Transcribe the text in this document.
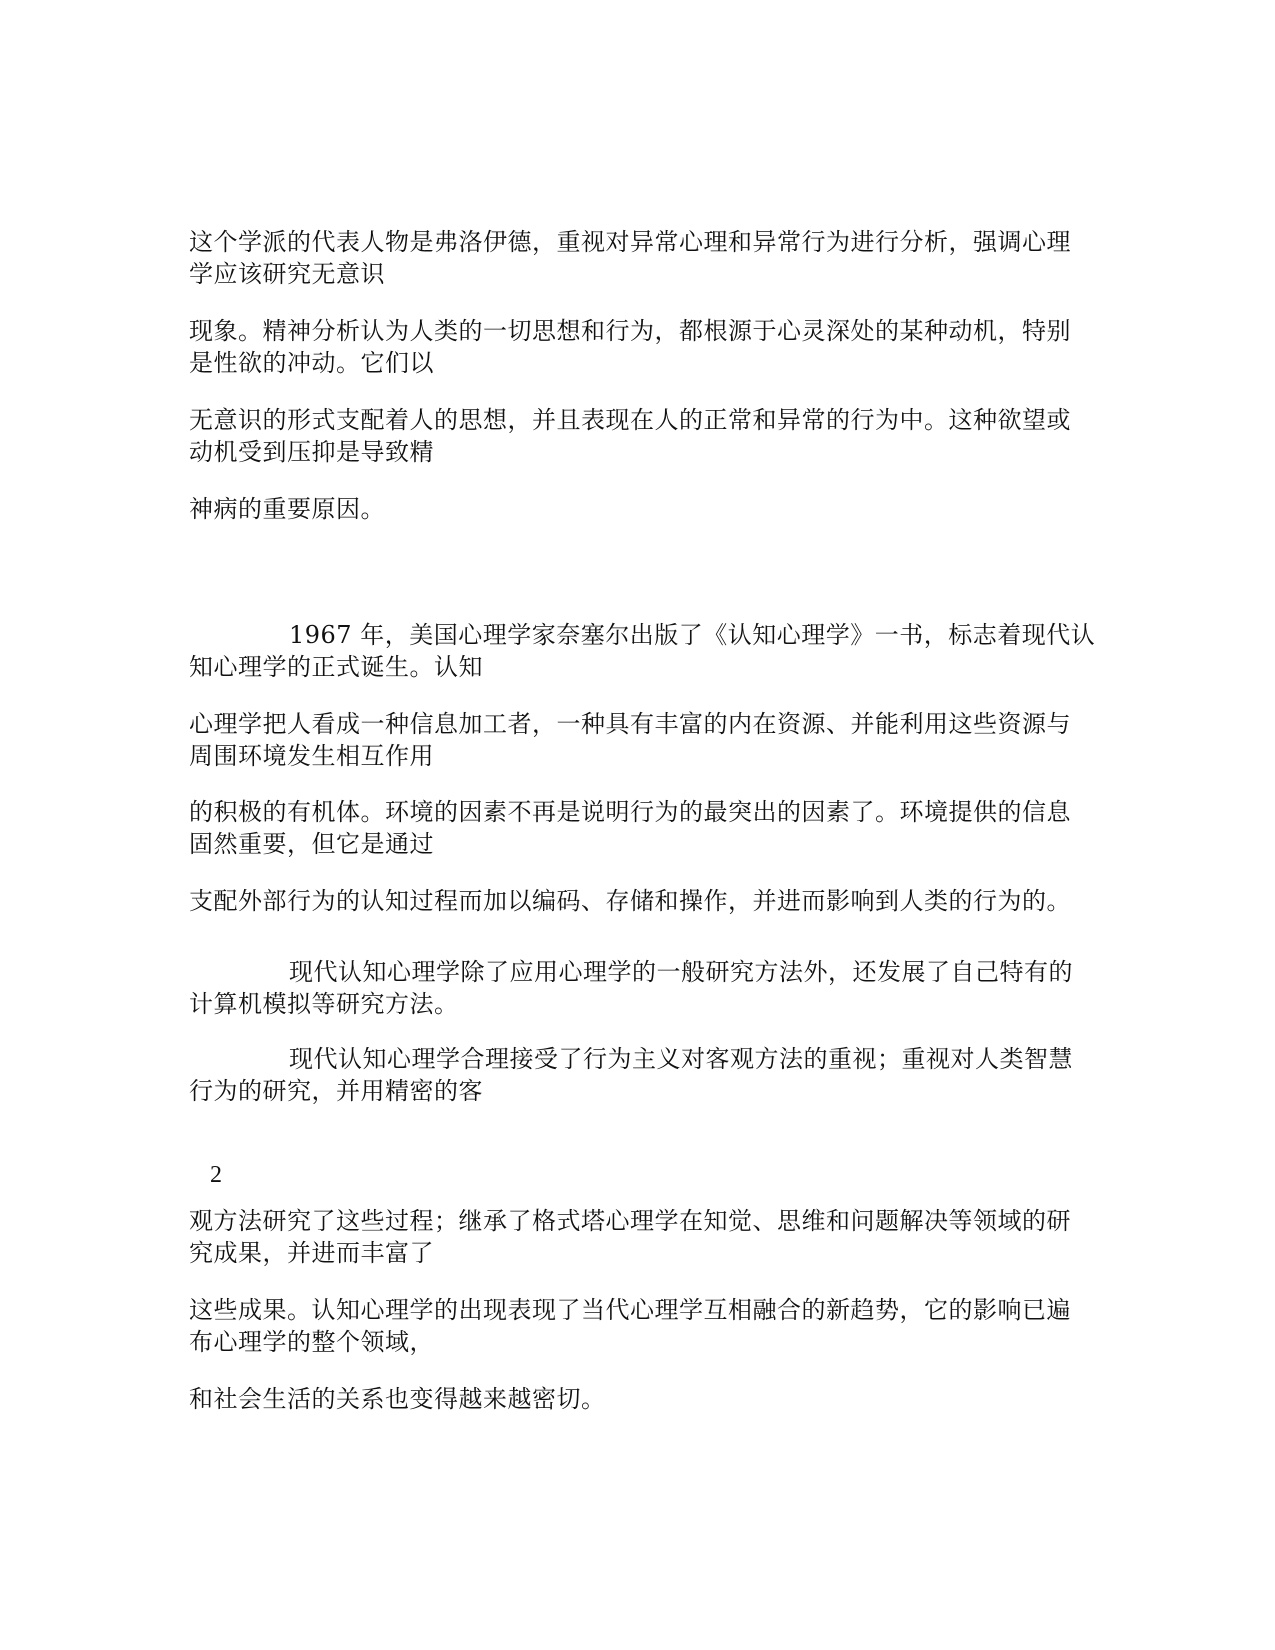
这个学派的代表人物是弗洛伊德，重视对异常心理和异常行为进行分析，强调心理
学应该研究无意识
现象。精神分析认为人类的一切思想和行为，都根源于心灵深处的某种动机，特别
是性欲的冲动。它们以
无意识的形式支配着人的思想，并且表现在人的正常和异常的行为中。这种欲望或
动机受到压抑是导致精
神病的重要原因。
1967 年，美国心理学家奈塞尔出版了《认知心理学》一书，标志着现代认
知心理学的正式诞生。认知
心理学把人看成一种信息加工者，一种具有丰富的内在资源、并能利用这些资源与
周围环境发生相互作用
的积极的有机体。环境的因素不再是说明行为的最突出的因素了。环境提供的信息
固然重要，但它是通过
支配外部行为的认知过程而加以编码、存储和操作，并进而影响到人类的行为的。
现代认知心理学除了应用心理学的一般研究方法外，还发展了自己特有的
计算机模拟等研究方法。
现代认知心理学合理接受了行为主义对客观方法的重视；重视对人类智慧
行为的研究，并用精密的客
2
观方法研究了这些过程；继承了格式塔心理学在知觉、思维和问题解决等领域的研
究成果，并进而丰富了
这些成果。认知心理学的出现表现了当代心理学互相融合的新趋势，它的影响已遍
布心理学的整个领域，
和社会生活的关系也变得越来越密切。
